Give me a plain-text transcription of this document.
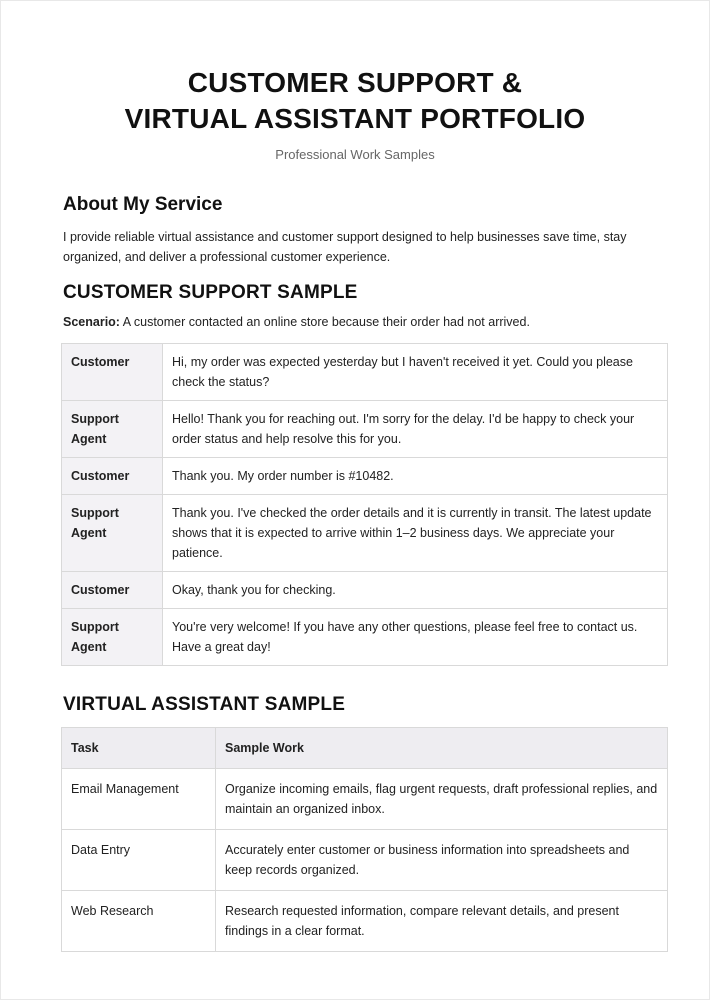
CUSTOMER SUPPORT &
VIRTUAL ASSISTANT PORTFOLIO
Professional Work Samples
About My Service
I provide reliable virtual assistance and customer support designed to help businesses save time, stay organized, and deliver a professional customer experience.
CUSTOMER SUPPORT SAMPLE
Scenario: A customer contacted an online store because their order had not arrived.
Customer	Hi, my order was expected yesterday but I haven't received it yet. Could you please check the status?
Support Agent	Hello! Thank you for reaching out. I'm sorry for the delay. I'd be happy to check your order status and help resolve this for you.
Customer	Thank you. My order number is #10482.
Support Agent	Thank you. I've checked the order details and it is currently in transit. The latest update shows that it is expected to arrive within 1–2 business days. We appreciate your patience.
Customer	Okay, thank you for checking.
Support Agent	You're very welcome! If you have any other questions, please feel free to contact us. Have a great day!
VIRTUAL ASSISTANT SAMPLE
Task	Sample Work
Email Management	Organize incoming emails, flag urgent requests, draft professional replies, and maintain an organized inbox.
Data Entry	Accurately enter customer or business information into spreadsheets and keep records organized.
Web Research	Research requested information, compare relevant details, and present findings in a clear format.
